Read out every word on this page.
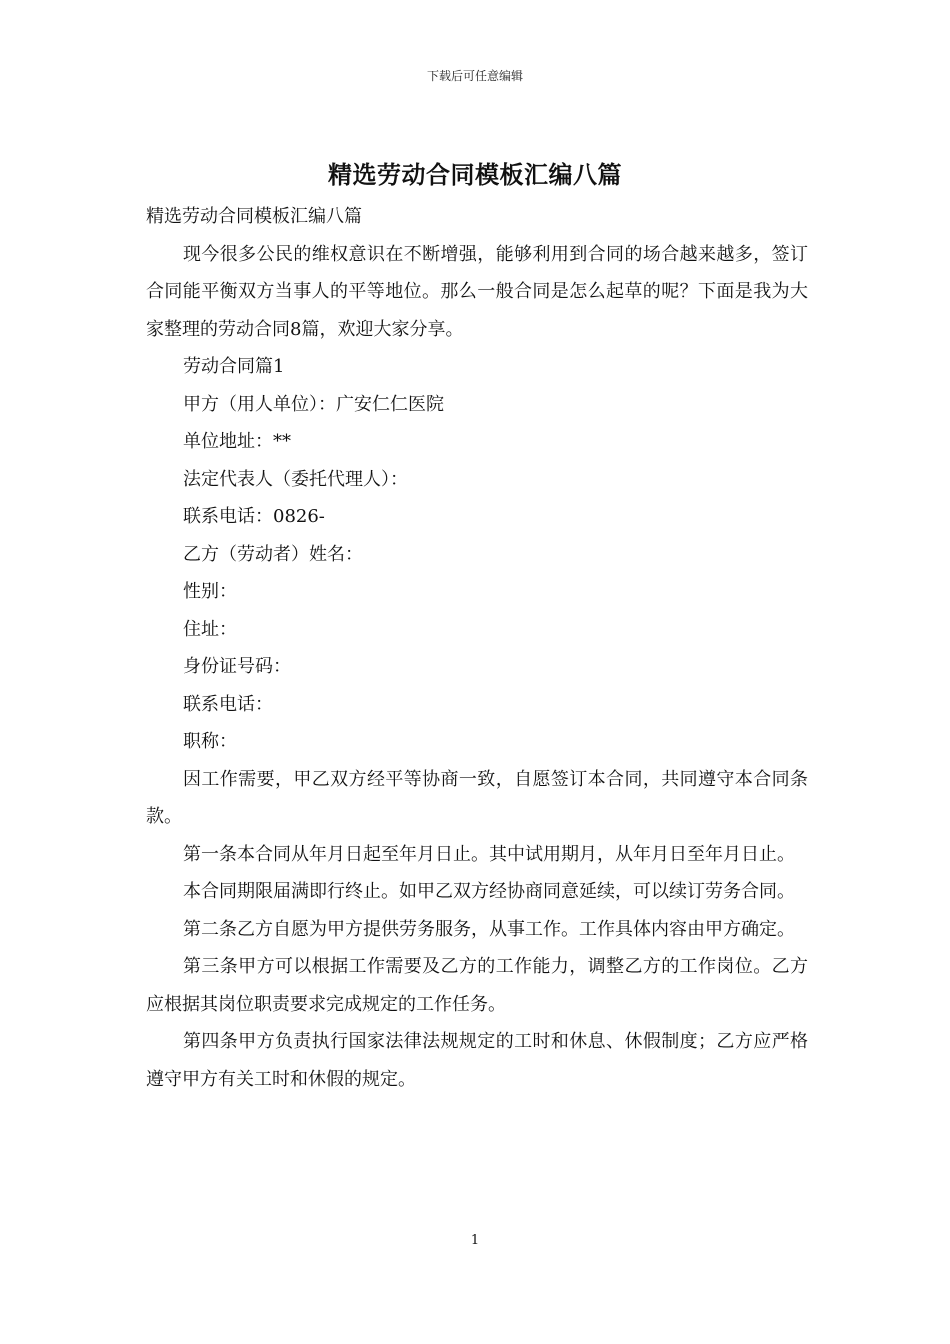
下载后可任意编辑
精选劳动合同模板汇编八篇

精选劳动合同模板汇编八篇

现今很多公民的维权意识在不断增强，能够利用到合同的场合越来越多，签订合同能平衡双方当事人的平等地位。那么一般合同是怎么起草的呢？下面是我为大家整理的劳动合同8篇，欢迎大家分享。

劳动合同篇1

甲方（用人单位）：广安仁仁医院

单位地址：**

法定代表人（委托代理人）：

联系电话：0826-

乙方（劳动者）姓名：

性别：

住址：

身份证号码：

联系电话：

职称：

因工作需要，甲乙双方经平等协商一致，自愿签订本合同，共同遵守本合同条款。

第一条本合同从年月日起至年月日止。其中试用期月，从年月日至年月日止。

本合同期限届满即行终止。如甲乙双方经协商同意延续，可以续订劳务合同。

第二条乙方自愿为甲方提供劳务服务，从事工作。工作具体内容由甲方确定。

第三条甲方可以根据工作需要及乙方的工作能力，调整乙方的工作岗位。乙方应根据其岗位职责要求完成规定的工作任务。

第四条甲方负责执行国家法律法规规定的工时和休息、休假制度；乙方应严格遵守甲方有关工时和休假的规定。

1
